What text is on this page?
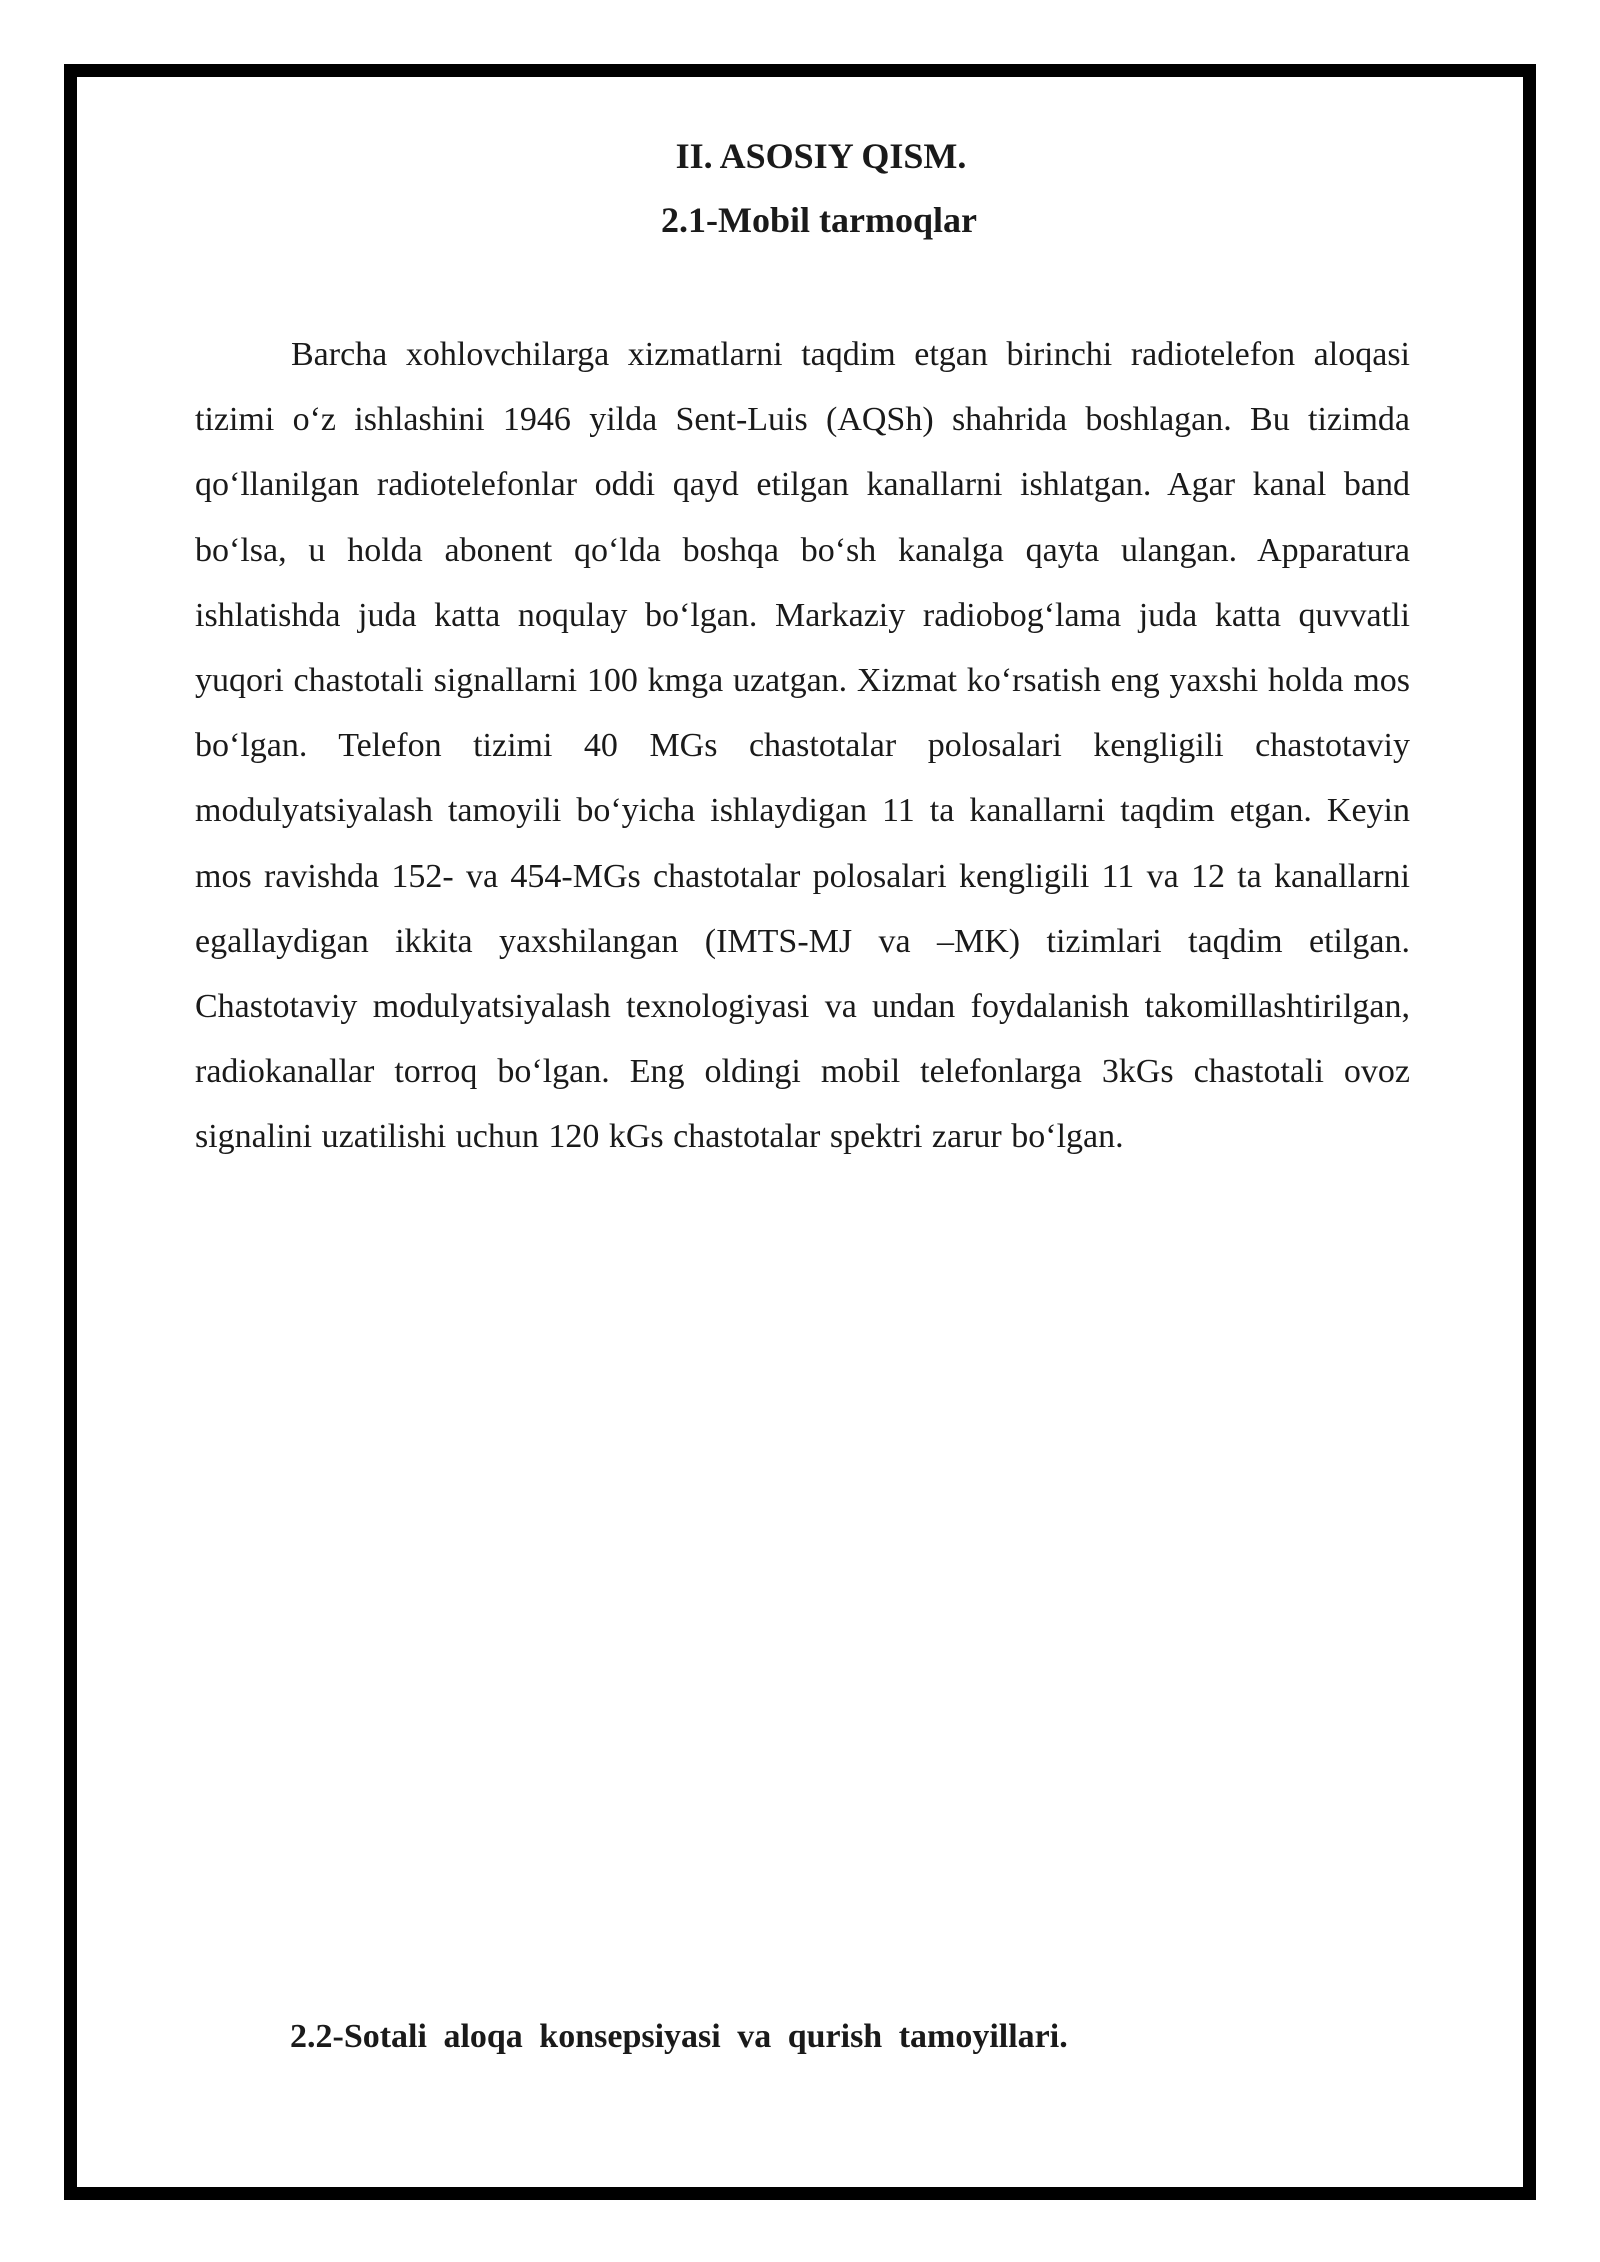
II. ASOSIY QISM.
2.1-Mobil tarmoqlar

Barcha xohlovchilarga xizmatlarni taqdim etgan birinchi radiotelefon aloqasi tizimi o‘z ishlashini 1946 yilda Sent-Luis (AQSh) shahrida boshlagan. Bu tizimda qo‘llanilgan radiotelefonlar oddi qayd etilgan kanallarni ishlatgan. Agar kanal band bo‘lsa, u holda abonent qo‘lda boshqa bo‘sh kanalga qayta ulangan. Apparatura ishlatishda juda katta noqulay bo‘lgan. Markaziy radiobog‘lama juda katta quvvatli yuqori chastotali signallarni 100 kmga uzatgan. Xizmat ko‘rsatish eng yaxshi holda mos bo‘lgan. Telefon tizimi 40 MGs chastotalar polosalari kengligili chastotaviy modulyatsiyalash tamoyili bo‘yicha ishlaydigan 11 ta kanallarni taqdim etgan. Keyin mos ravishda 152- va 454-MGs chastotalar polosalari kengligili 11 va 12 ta kanallarni egallaydigan ikkita yaxshilangan (IMTS-MJ va –MK) tizimlari taqdim etilgan. Chastotaviy modulyatsiyalash texnologiyasi va undan foydalanish takomillashtirilgan, radiokanallar torroq bo‘lgan. Eng oldingi mobil telefonlarga 3kGs chastotali ovoz signalini uzatilishi uchun 120 kGs chastotalar spektri zarur bo‘lgan.

2.2-Sotali aloqa konsepsiyasi va qurish tamoyillari.
